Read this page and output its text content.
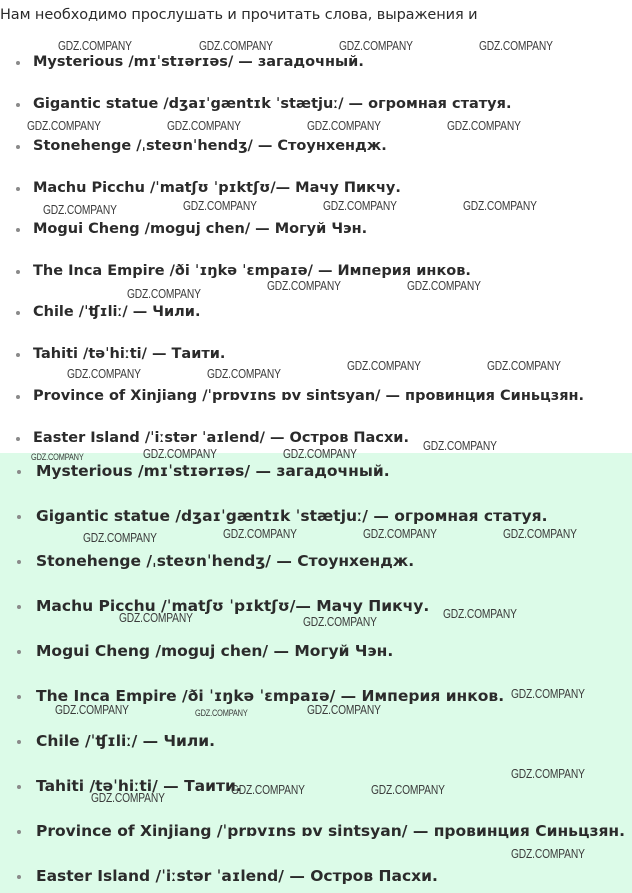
Нам необходимо прослушать и прочитать слова, выражения и

Mysterious /mɪˈstɪərɪəs/ — загадочный.
Gigantic statue /dʒaɪˈgæntɪk ˈstætjuː/ — огромная статуя.
Stonehenge /ˌsteʊnˈhendʒ/ — Стоунхендж.
Machu Picchu /ˈmatʃʊ ˈpɪktʃʊ/— Мачу Пикчу.
Mogui Cheng /moguj chen/ — Могуй Чэн.
The Inca Empire /ði ˈɪŋkə ˈɛmpaɪə/ — Империя инков.
Chile /ˈʧɪliː/ — Чили.
Tahiti /təˈhiːti/ — Таити.
Province of Xinjiang /ˈprɒvɪns ɒv sintsyan/ — провинция Синьцзян.
Easter Island /ˈiːstər ˈaɪlend/ — Остров Пасхи.
Mysterious /mɪˈstɪərɪəs/ — загадочный.
Gigantic statue /dʒaɪˈgæntɪk ˈstætjuː/ — огромная статуя.
Stonehenge /ˌsteʊnˈhendʒ/ — Стоунхендж.
Machu Picchu /ˈmatʃʊ ˈpɪktʃʊ/— Мачу Пикчу.
Mogui Cheng /moguj chen/ — Могуй Чэн.
The Inca Empire /ði ˈɪŋkə ˈɛmpaɪə/ — Империя инков.
Chile /ˈʧɪliː/ — Чили.
Tahiti /təˈhiːti/ — Таити.
Province of Xinjiang /ˈprɒvɪns ɒv sintsyan/ — провинция Синьцзян.
Easter Island /ˈiːstər ˈaɪlend/ — Остров Пасхи.
GDZ.COMPANY	GDZ.COMPANY	GDZ.COMPANY	GDZ.COMPANY
GDZ.COMPANY	GDZ.COMPANY	GDZ.COMPANY	GDZ.COMPANY
GDZ.COMPANY	GDZ.COMPANY	GDZ.COMPANY	GDZ.COMPANY
GDZ.COMPANY
GDZ.COMPANY	GDZ.COMPANY
GDZ.COMPANY	GDZ.COMPANY
GDZ.COMPANY	GDZ.COMPANY
GDZ.COMPANY	GDZ.COMPANY	GDZ.COMPANY
GDZ.COMPANY
GDZ.COMPANY	GDZ.COMPANY	GDZ.COMPANY	GDZ.COMPANY
GDZ.COMPANY	GDZ.COMPANY
GDZ.COMPANY
GDZ.COMPANY
GDZ.COMPANY	GDZ.COMPANY	GDZ.COMPANY
GDZ.COMPANY
GDZ.COMPANY
GDZ.COMPANY	GDZ.COMPANY
GDZ.COMPANY
